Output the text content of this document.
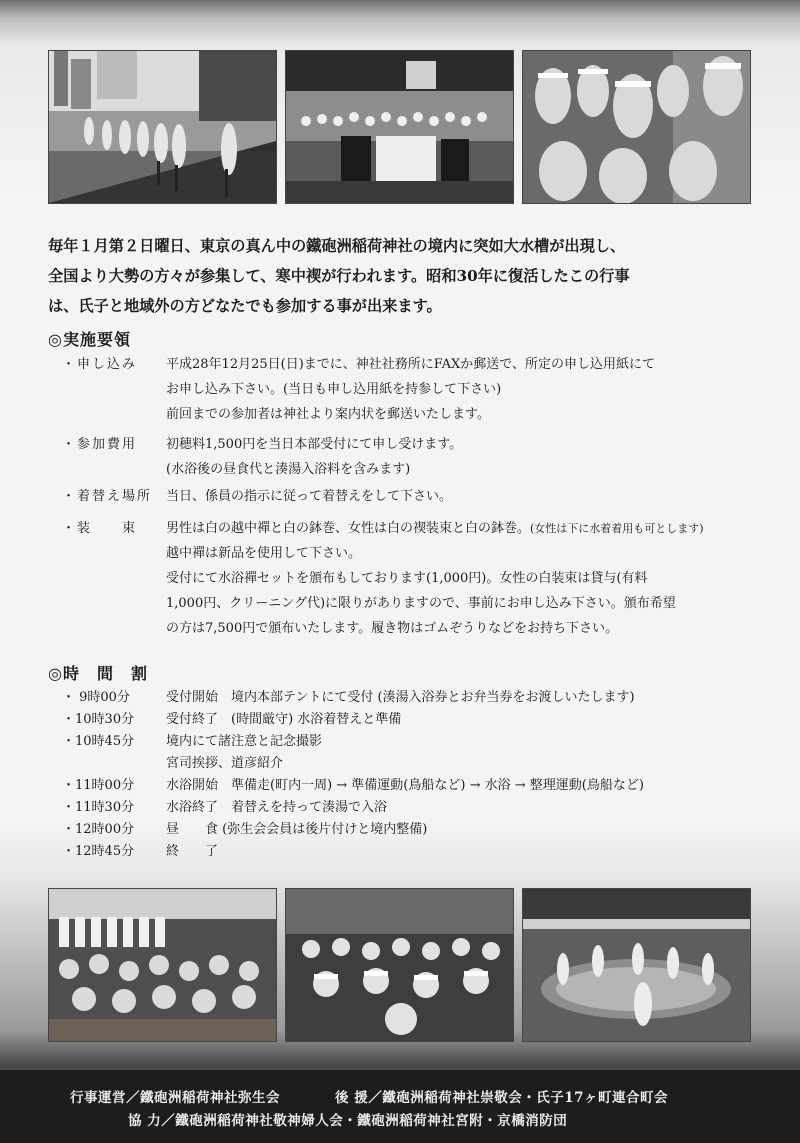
毎年１月第２日曜日、東京の真ん中の鐵砲洲稲荷神社の境内に突如大水槽が出現し、

全国より大勢の方々が参集して、寒中禊が行われます。昭和30年に復活したこの行事

は、氏子と地域外の方どなたでも参加する事が出来ます。

◎実施要領
・申し込み	平成28年12月25日(日)までに、神社社務所にFAXか郵送で、所定の申し込用紙にて
お申し込み下さい。(当日も申し込用紙を持参して下さい)
前回までの参加者は神社より案内状を郵送いたします。
・参加費用	初穂料1,500円を当日本部受付にて申し受けます。
(水浴後の昼食代と湊湯入浴料を含みます)
・着替え場所	当日、係員の指示に従って着替えをして下さい。
・装　　束	男性は白の越中禪と白の鉢巻、女性は白の禊装束と白の鉢巻。(女性は下に水着着用も可とします)
越中禪は新品を使用して下さい。
受付にて水浴禪セットを頒布もしております(1,000円)。女性の白装束は貸与(有料
1,000円、クリーニング代)に限りがありますので、事前にお申し込み下さい。頒布希望
の方は7,500円で頒布いたします。履き物はゴムぞうりなどをお持ち下さい。
◎時　間　割
・ 9時00分	受付開始　境内本部テントにて受付 (湊湯入浴券とお弁当券をお渡しいたします)
・10時30分	受付終了　(時間厳守) 水浴着替えと準備
・10時45分	境内にて諸注意と記念撮影
宮司挨拶、道彦紹介
・11時00分	水浴開始　準備走(町内一周) → 準備運動(鳥船など) → 水浴 → 整理運動(鳥船など)
・11時30分	水浴終了　着替えを持って湊湯で入浴
・12時00分	昼　　食 (弥生会会員は後片付けと境内整備)
・12時45分	終　　了
行事運営／鐵砲洲稲荷神社弥生会	後 援／鐵砲洲稲荷神社崇敬会・氏子17ヶ町連合町会
協 力／鐵砲洲稲荷神社敬神婦人会・鐵砲洲稲荷神社宮附・京橋消防団
